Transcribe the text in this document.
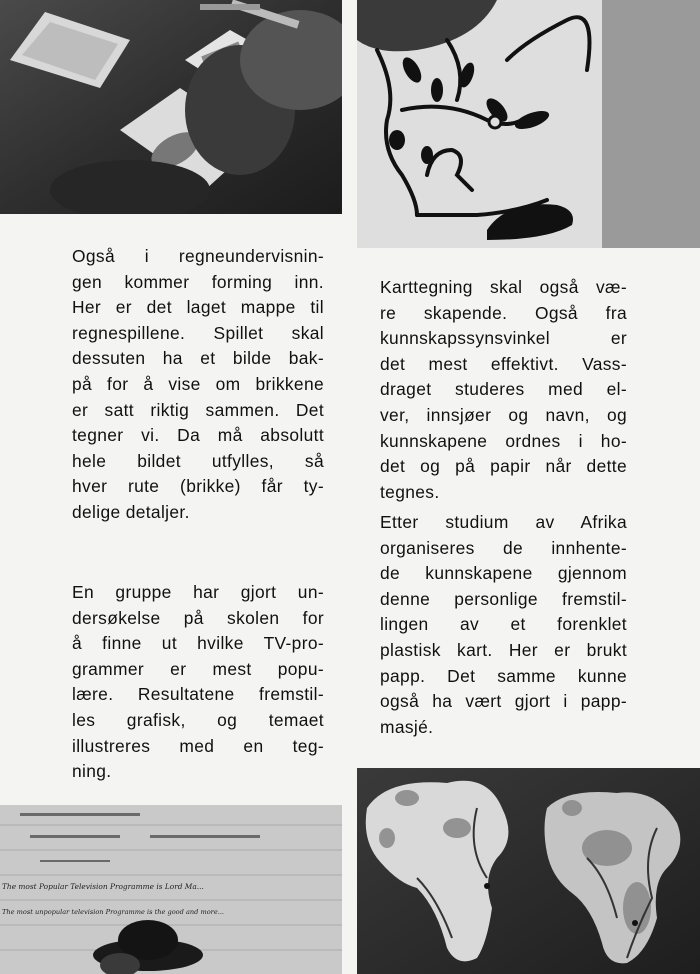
Også i regneundervisnin-
gen kommer forming inn.
Her er det laget mappe til
regnespillene. Spillet skal
dessuten ha et bilde bak-
på for å vise om brikkene
er satt riktig sammen. Det
tegner vi. Da må absolutt
hele bildet utfylles, så
hver rute (brikke) får ty-
delige detaljer.

En gruppe har gjort un-
dersøkelse på skolen for
å finne ut hvilke TV-pro-
grammer er mest popu-
lære. Resultatene fremstil-
les grafisk, og temaet
illustreres med en teg-
ning.

Karttegning skal også væ-
re skapende. Også fra
kunnskapssynsvinkel er
det mest effektivt. Vass-
draget studeres med el-
ver, innsjøer og navn, og
kunnskapene ordnes i ho-
det og på papir når dette
tegnes.

Etter studium av Afrika
organiseres de innhente-
de kunnskapene gjennom
denne personlige fremstil-
lingen av et forenklet
plastisk kart. Her er brukt
papp. Det samme kunne
også ha vært gjort i papp-
masjé.

The most Popular Television Programme is Lord Ma...
The most unpopular television Programme is the good and more...
